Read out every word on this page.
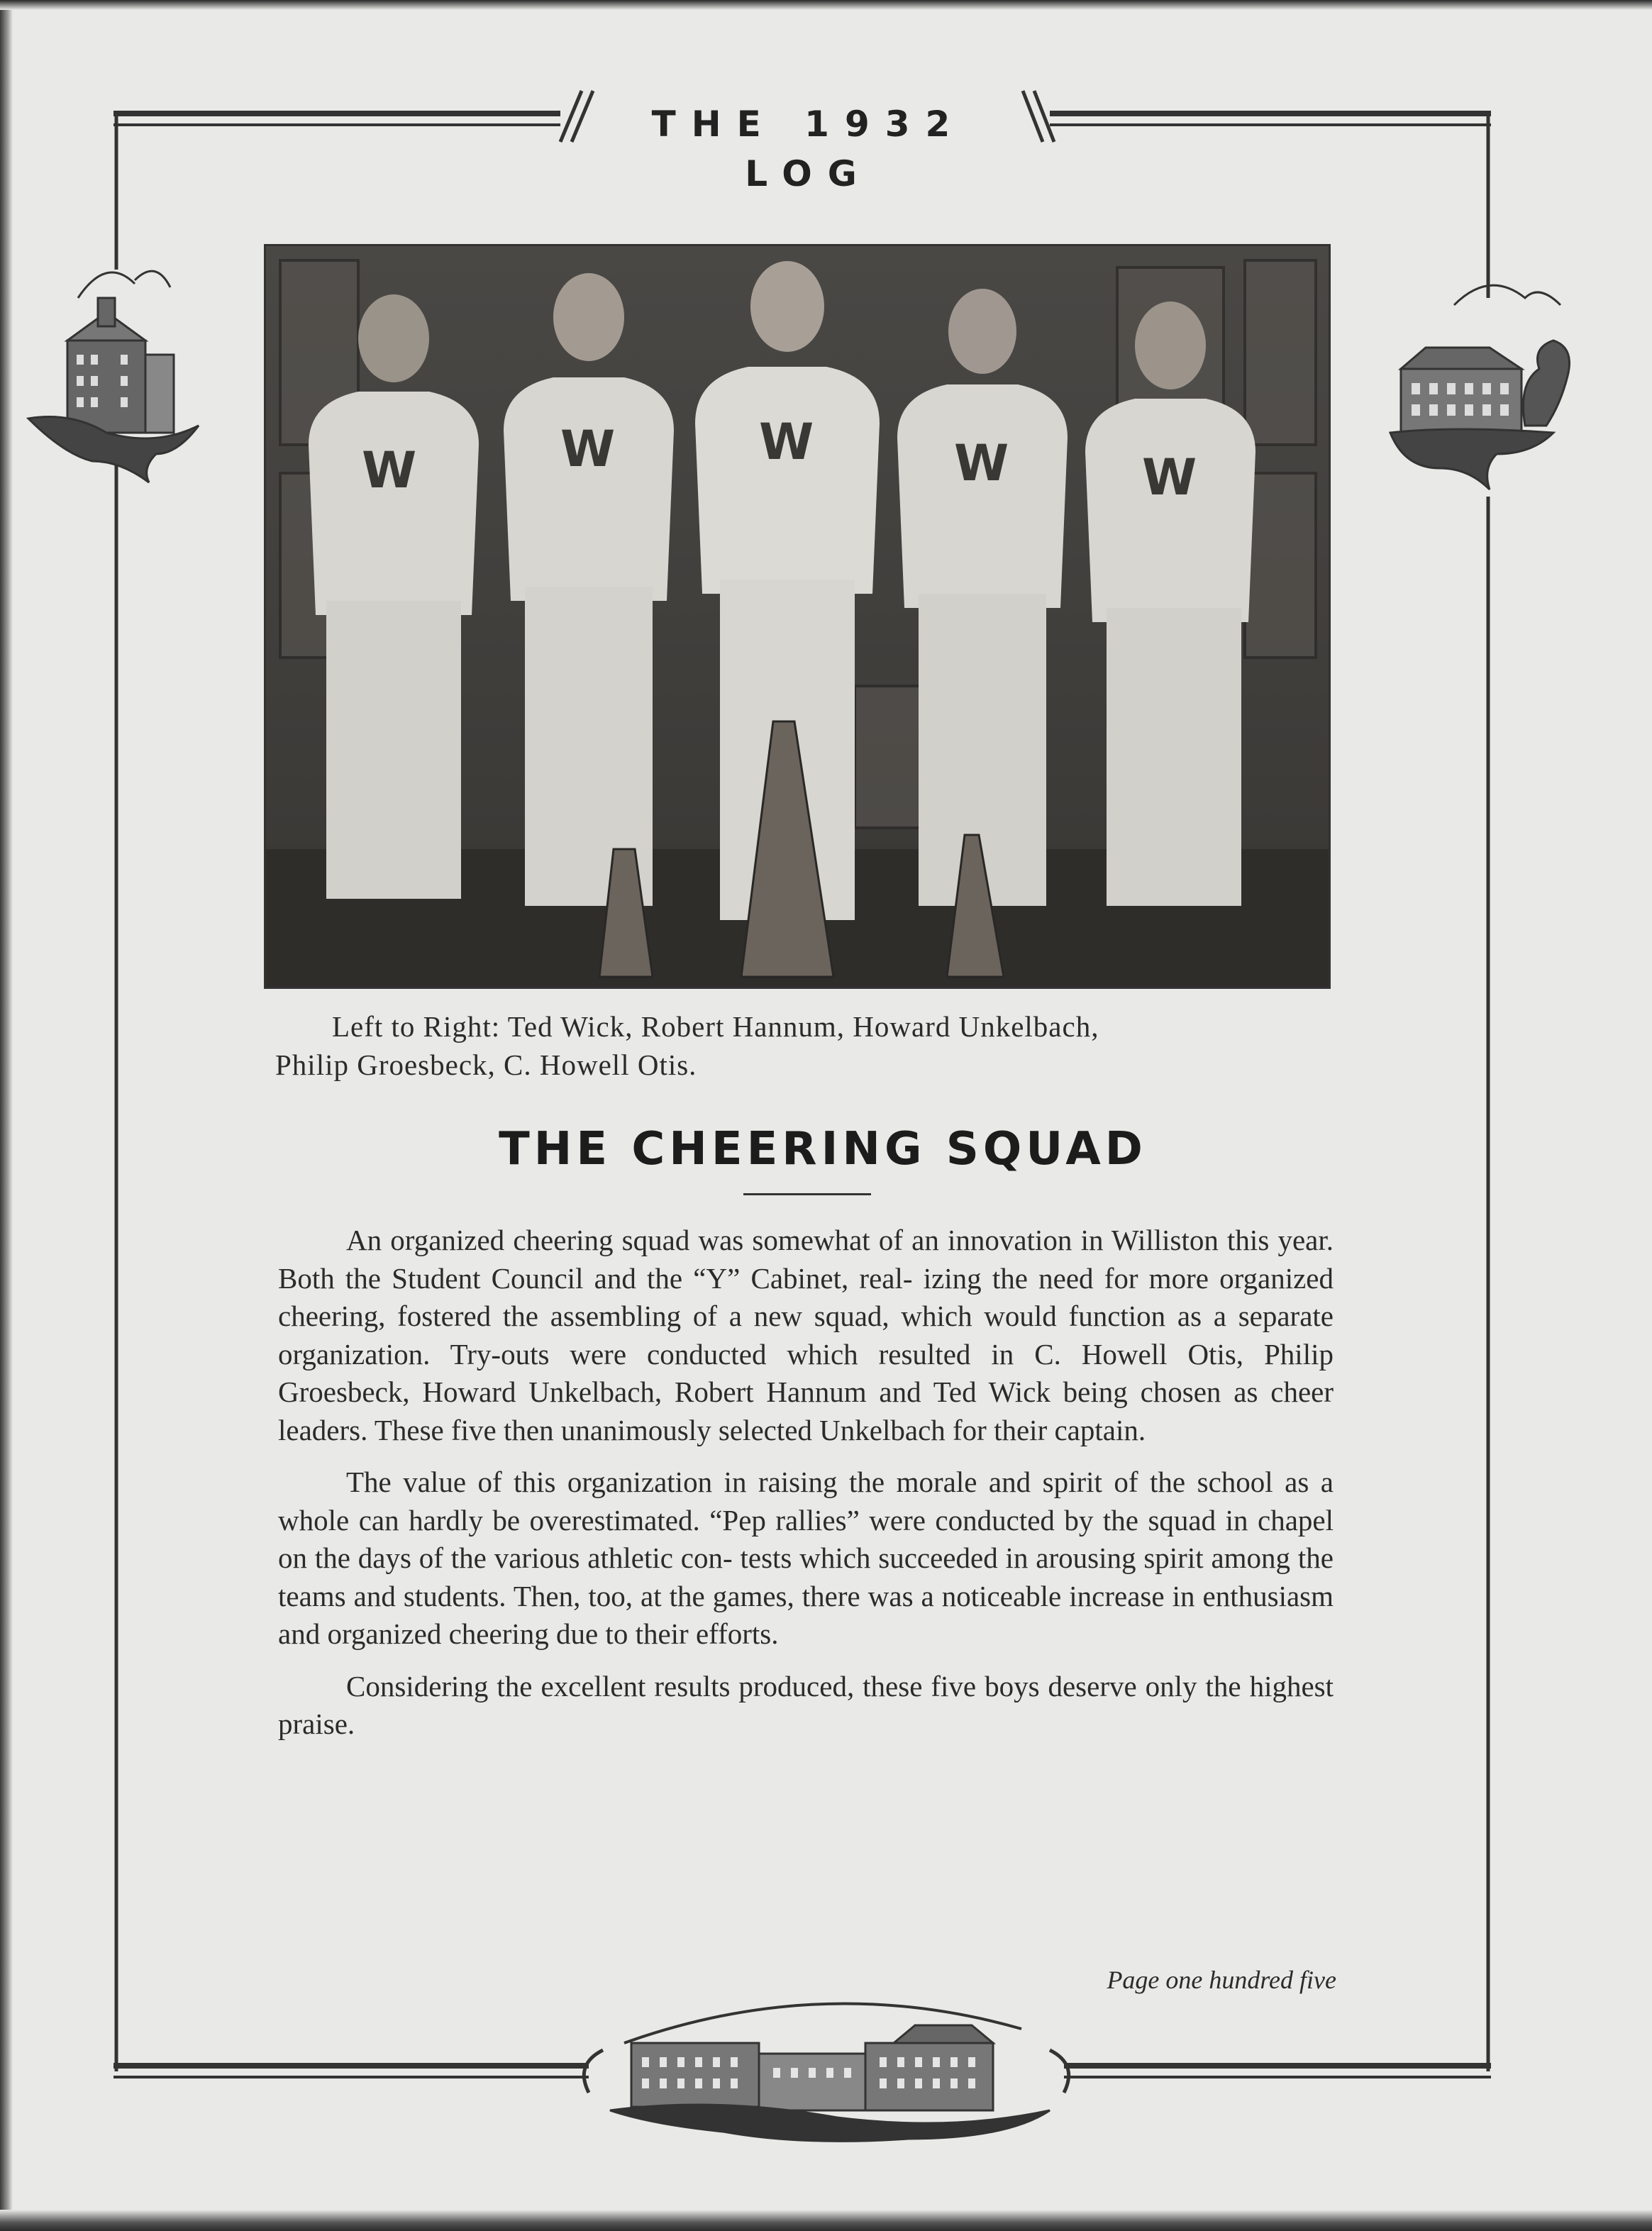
THE 1932 LOG
W	W	W	W	W
Left to Right: Ted Wick, Robert Hannum, Howard Unkelbach,
Philip Groesbeck, C. Howell Otis.
THE CHEERING SQUAD

An organized cheering squad was somewhat of an innovation in Williston this year. Both the Student Council and the “Y” Cabinet, real- izing the need for more organized cheering, fostered the assembling of a new squad, which would function as a separate organization. Try-outs were conducted which resulted in C. Howell Otis, Philip Groesbeck, Howard Unkelbach, Robert Hannum and Ted Wick being chosen as cheer leaders. These five then unanimously selected Unkelbach for their captain.

The value of this organization in raising the morale and spirit of the school as a whole can hardly be overestimated. “Pep rallies” were conducted by the squad in chapel on the days of the various athletic con- tests which succeeded in arousing spirit among the teams and students. Then, too, at the games, there was a noticeable increase in enthusiasm and organized cheering due to their efforts.

Considering the excellent results produced, these five boys deserve only the highest praise.

Page one hundred five
